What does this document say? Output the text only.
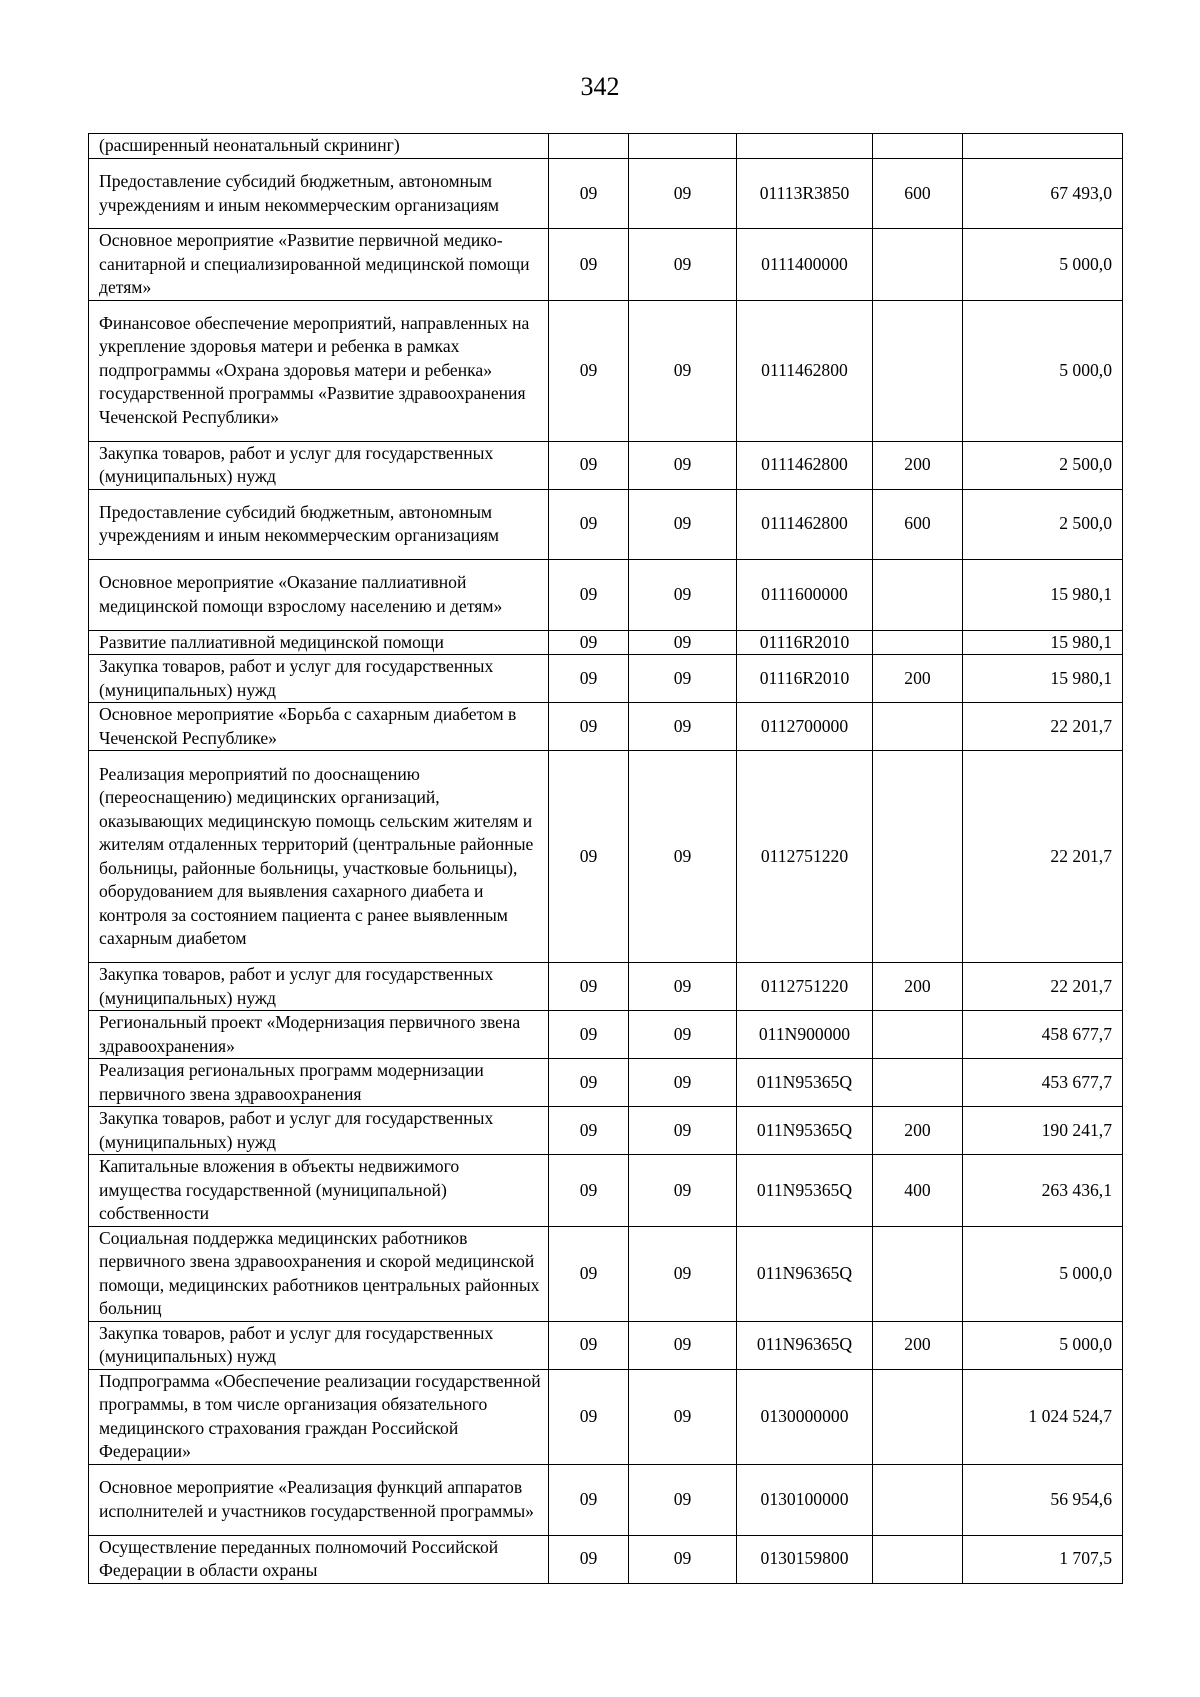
342
(расширенный неонатальный скрининг)					
Предоставление субсидий бюджетным, автономным учреждениям и иным некоммерческим организациям	09	09	01113R3850	600	67 493,0
Основное мероприятие «Развитие первичной медико-санитарной и специализированной медицинской помощи детям»	09	09	0111400000		5 000,0
Финансовое обеспечение мероприятий, направленных на укрепление здоровья матери и ребенка в рамках подпрограммы «Охрана здоровья матери и ребенка» государственной программы «Развитие здравоохранения Чеченской Республики»	09	09	0111462800		5 000,0
Закупка товаров, работ и услуг для государственных (муниципальных) нужд	09	09	0111462800	200	2 500,0
Предоставление субсидий бюджетным, автономным учреждениям и иным некоммерческим организациям	09	09	0111462800	600	2 500,0
Основное мероприятие «Оказание паллиативной медицинской помощи взрослому населению и детям»	09	09	0111600000		15 980,1
Развитие паллиативной медицинской помощи	09	09	01116R2010		15 980,1
Закупка товаров, работ и услуг для государственных (муниципальных) нужд	09	09	01116R2010	200	15 980,1
Основное мероприятие «Борьба с сахарным диабетом в Чеченской Республике»	09	09	0112700000		22 201,7
Реализация мероприятий по дооснащению (переоснащению) медицинских организаций, оказывающих медицинскую помощь сельским жителям и жителям отдаленных территорий (центральные районные больницы, районные больницы, участковые больницы), оборудованием для выявления сахарного диабета и контроля за состоянием пациента с ранее выявленным сахарным диабетом	09	09	0112751220		22 201,7
Закупка товаров, работ и услуг для государственных (муниципальных) нужд	09	09	0112751220	200	22 201,7
Региональный проект «Модернизация первичного звена здравоохранения»	09	09	011N900000		458 677,7
Реализация региональных программ модернизации первичного звена здравоохранения	09	09	011N95365Q		453 677,7
Закупка товаров, работ и услуг для государственных (муниципальных) нужд	09	09	011N95365Q	200	190 241,7
Капитальные вложения в объекты недвижимого имущества государственной (муниципальной) собственности	09	09	011N95365Q	400	263 436,1
Социальная поддержка медицинских работников первичного звена здравоохранения и скорой медицинской помощи, медицинских работников центральных районных больниц	09	09	011N96365Q		5 000,0
Закупка товаров, работ и услуг для государственных (муниципальных) нужд	09	09	011N96365Q	200	5 000,0
Подпрограмма «Обеспечение реализации государственной программы, в том числе организация обязательного медицинского страхования граждан Российской Федерации»	09	09	0130000000		1 024 524,7
Основное мероприятие «Реализация функций аппаратов исполнителей и участников государственной программы»	09	09	0130100000		56 954,6
Осуществление переданных полномочий Российской Федерации в области охраны	09	09	0130159800		1 707,5
